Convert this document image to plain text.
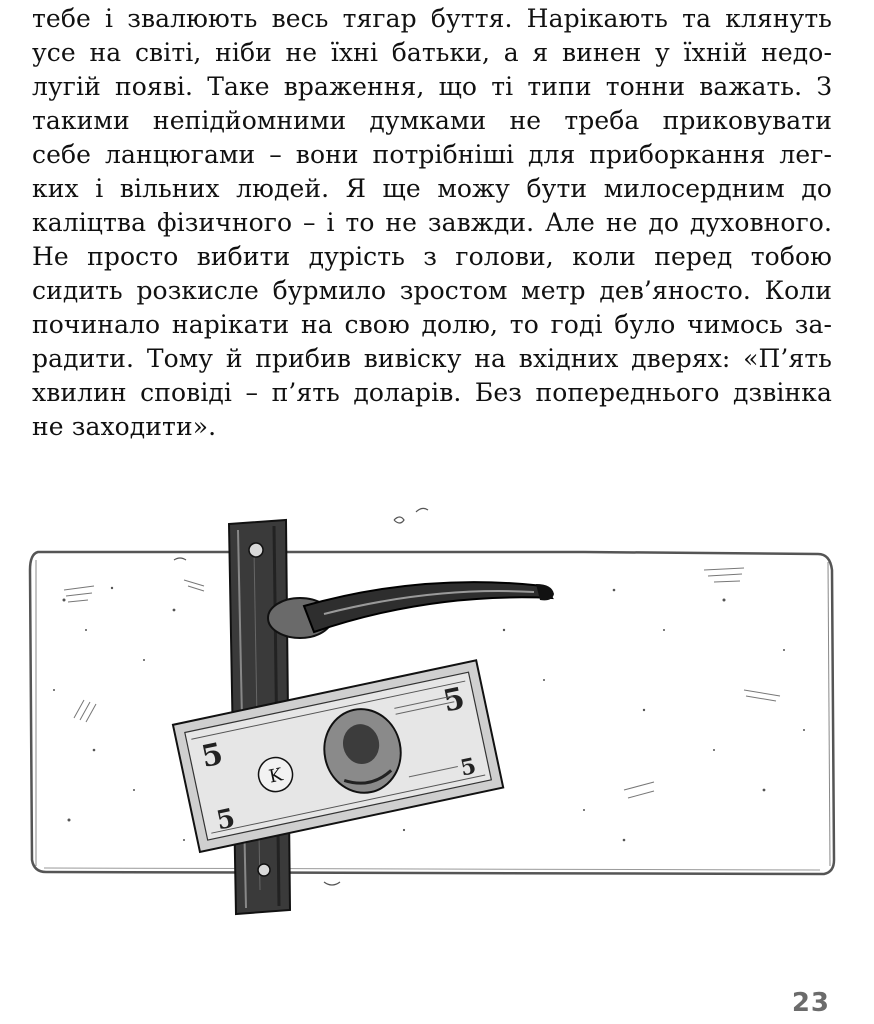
тебе і звалюють весь тягар буття. Нарікають та клянуть
усе на світі, ніби не їхні батьки, а я винен у їхній недо-
лугій появі. Таке враження, що ті типи тонни важать. З
такими непідйомними думками не треба приковувати
себе ланцюгами – вони потрібніші для приборкання лег-
ких і вільних людей. Я ще можу бути милосердним до
каліцтва фізичного – і то не завжди. Але не до духовного.
Не просто вибити дурість з голови, коли перед тобою
сидить розкисле бурмило зростом метр дев’яносто. Коли
починало нарікати на свою долю, то годі було чимось за-
радити. Тому й прибив вивіску на вхідних дверях: «П’ять
хвилин сповіді – п’ять доларів. Без попереднього дзвінка
не заходити».
K
5
5
5
5
23
